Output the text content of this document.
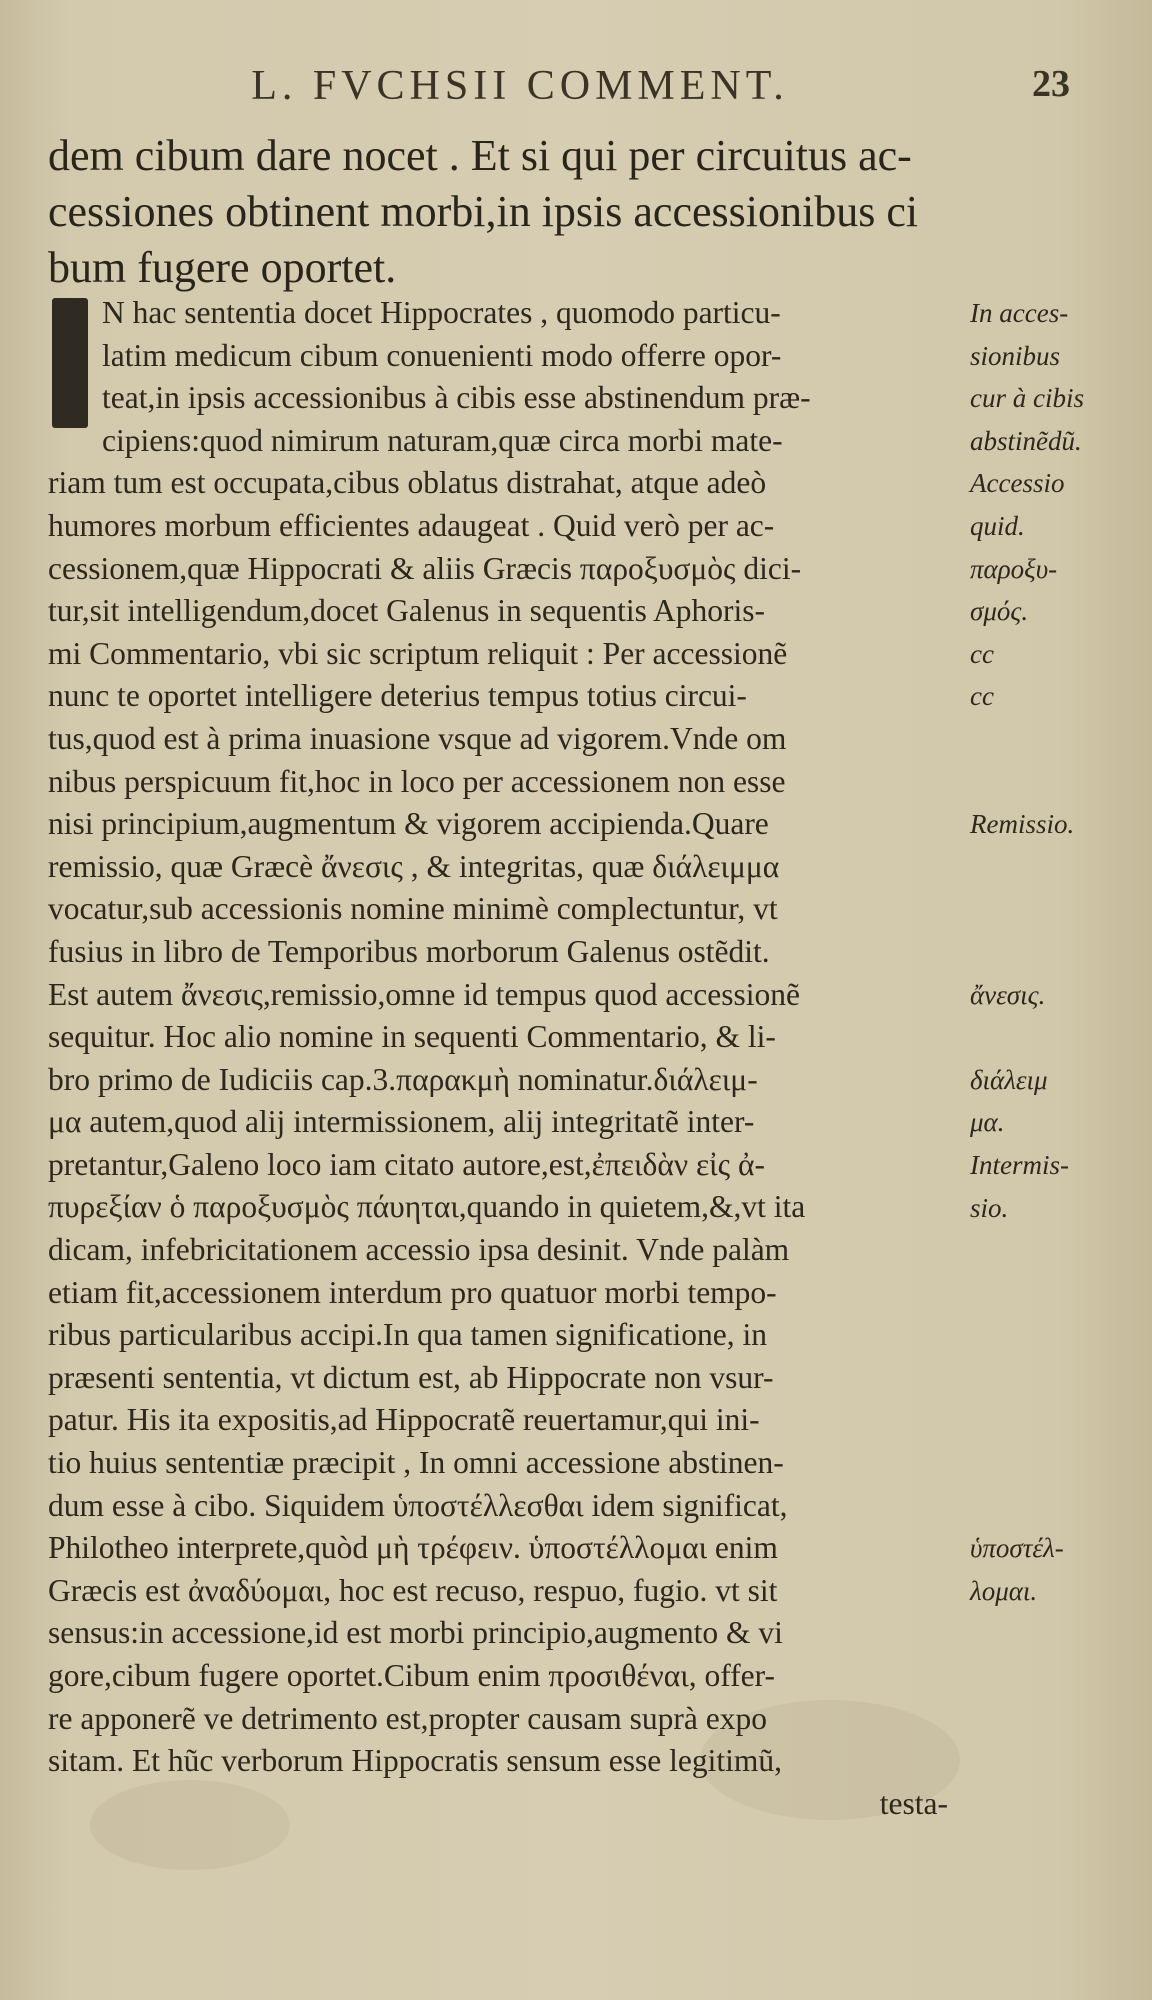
L. FVCHSII COMMENT.	23
dem cibum dare nocet . Et si qui per circuitus ac-
cessiones obtinent morbi,in ipsis accessionibus ci
bum fugere oportet.
N hac sententia docet Hippocrates , quomodo particu-
latim medicum cibum conuenienti modo offerre opor-
teat,in ipsis accessionibus à cibis esse abstinendum præ-
cipiens:quod nimirum naturam,quæ circa morbi mate-
riam tum est occupata,cibus oblatus distrahat, atque adeò
humores morbum efficientes adaugeat . Quid verò per ac-
cessionem,quæ Hippocrati & aliis Græcis παροξυσμὸς dici-
tur,sit intelligendum,docet Galenus in sequentis Aphoris-
mi Commentario, vbi sic scriptum reliquit : Per accessionẽ
nunc te oportet intelligere deterius tempus totius circui-
tus,quod est à prima inuasione vsque ad vigorem.Vnde om
nibus perspicuum fit,hoc in loco per accessionem non esse
nisi principium,augmentum & vigorem accipienda.Quare
remissio, quæ Græcè ἄνεσις , & integritas, quæ διάλειμμα
vocatur,sub accessionis nomine minimè complectuntur, vt
fusius in libro de Temporibus morborum Galenus ostẽdit.
Est autem ἄνεσις,remissio,omne id tempus quod accessionẽ
sequitur. Hoc alio nomine in sequenti Commentario, & li-
bro primo de Iudiciis cap.3.παρακμὴ nominatur.διάλειμ-
μα autem,quod alij intermissionem, alij integritatẽ inter-
pretantur,Galeno loco iam citato autore,est,ἐπειδὰν εἰς ἀ-
πυρεξίαν ὁ παροξυσμὸς πάυηται,quando in quietem,&,vt ita
dicam, infebricitationem accessio ipsa desinit. Vnde palàm
etiam fit,accessionem interdum pro quatuor morbi tempo-
ribus particularibus accipi.In qua tamen significatione, in
præsenti sententia, vt dictum est, ab Hippocrate non vsur-
patur. His ita expositis,ad Hippocratẽ reuertamur,qui ini-
tio huius sententiæ præcipit , In omni accessione abstinen-
dum esse à cibo. Siquidem ὑποστέλλεσθαι idem significat,
Philotheo interprete,quòd μὴ τρέφειν. ὑποστέλλομαι enim
Græcis est ἀναδύομαι, hoc est recuso, respuo, fugio. vt sit
sensus:in accessione,id est morbi principio,augmento & vi
gore,cibum fugere oportet.Cibum enim προσιθέναι, offer-
re apponerẽ ve detrimento est,propter causam suprà expo
sitam. Et hũc verborum Hippocratis sensum esse legitimũ,
testa-
In acces-
sionibus
cur à cibis
abstinẽdũ.
Accessio
quid.
παροξυ-
σμός.
cc
cc
Remissio.
ἄνεσις.
διάλειμ
μα.
Intermis-
sio.
ὑποστέλ-
λομαι.
